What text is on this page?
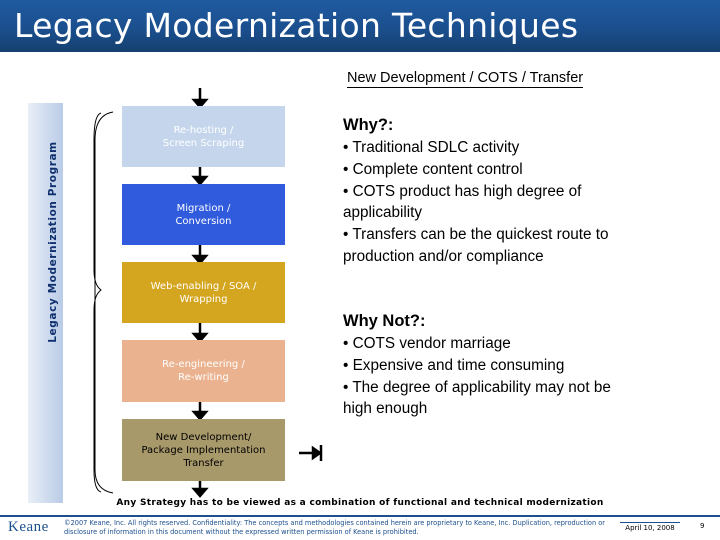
Legacy Modernization Techniques
New Development / COTS / Transfer
Legacy Modernization Program
Re-hosting /
Screen Scraping
Migration /
Conversion
Web-enabling / SOA /
Wrapping
Re-engineering /
Re-writing
New Development/
Package Implementation
Transfer
Why?:
• Traditional SDLC activity
• Complete content control
• COTS product has high degree of applicability
• Transfers can be the quickest route to production and/or compliance
Why Not?:
• COTS vendor marriage
• Expensive and time consuming
• The degree of applicability may not be high enough
Any Strategy has to be viewed as a combination of functional and technical modernization
Keane ©2007 Keane, Inc. All rights reserved. Confidentiality: The concepts and methodologies contained herein are proprietary to Keane, Inc. Duplication, reproduction or disclosure of information in this document without the expressed written permission of Keane is prohibited.	April 10, 2008	9
